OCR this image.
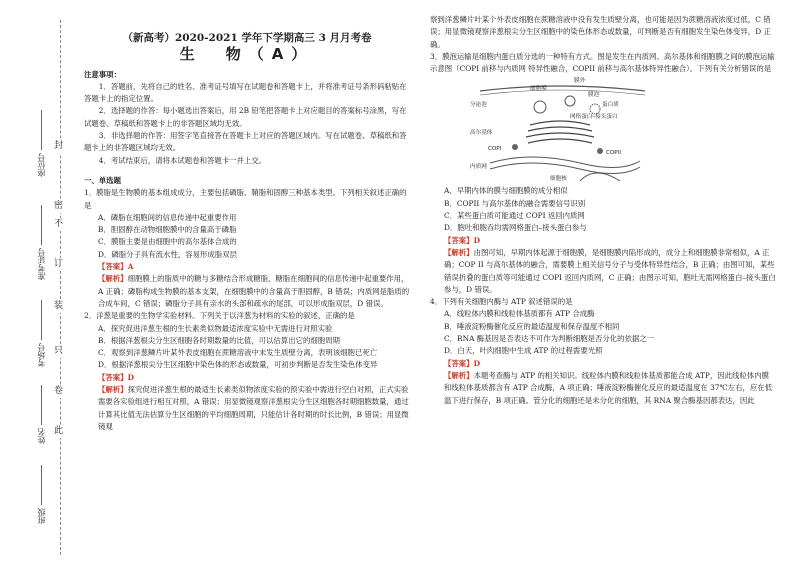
封
密
不
订
装
只
卷
此
座位号
准考证号
考场号
姓名
班级
（新高考）2020-2021 学年下学期高三 3 月月考卷
生　物（A）

注意事项：

1．答题前，先将自己的姓名、准考证号填写在试题卷和答题卡上，并将准考证号条形码粘贴在答题卡上的指定位置。

2．选择题的作答：每小题选出答案后，用 2B 铅笔把答题卡上对应题目的答案标号涂黑，写在试题卷、草稿纸和答题卡上的非答题区域均无效。

3．非选择题的作答：用签字笔直接答在答题卡上对应的答题区域内。写在试题卷、草稿纸和答题卡上的非答题区域均无效。

4．考试结束后，请将本试题卷和答题卡一并上交。

一、单选题

1．膜脂是生物膜的基本组成成分，主要包括磷脂、鞘脂和固醇三种基本类型。下列相关叙述正确的是

A．磷脂在细胞间的信息传递中起重要作用

B．胆固醇在动物细胞膜中的含量高于磷脂

C．膜脂主要是由细胞中的高尔基体合成的

D．磷脂分子具有流水性，容易形成脂双层

【答案】A

【解析】细胞膜上的脂质中的糖与多糖结合形成糖脂，糖脂在细胞间的信息传递中起重要作用，A 正确；磷脂构成生物膜的基本支架，在细胞膜中的含量高于胆固醇，B 错误；内质网是脂质的合成车间，C 错误；磷脂分子具有亲水的头部和疏水的尾部，可以形成脂双层，D 错误。

2．洋葱是重要的生物学实验材料。下列关于以洋葱为材料的实验的叙述，正确的是

A．探究促进洋葱生根的生长素类似物最适浓度实验中无需进行对照实验

B．根据洋葱根尖分生区细胞各时期数量的比值，可以估算出它的细胞周期

C．观察到洋葱鳞片叶某外表皮细胞在蔗糖溶液中未发生质壁分离，表明该细胞已死亡

D．根据洋葱根尖分生区细胞中染色体的形态或数量，可初步判断是否发生染色体变异

【答案】D

【解析】探究促进洋葱生根的最适生长素类似物浓度实验的预实验中需进行空白对照，正式实验需要各实验组进行相互对照，A 错误；用显微镜观察洋葱根尖分生区细胞各时期细胞数量，通过计算其比值无法估算分生区细胞的平均细胞周期，只能估计各时期的时长比例，B 错误；用显微镜观

察到洋葱鳞片叶某个外表皮细胞在蔗糖溶液中没有发生质壁分离，也可能是因为蔗糖溶液浓度过低，C 错误；用显微镜观察洋葱根尖分生区细胞中的染色体形态或数量，可判断是否有细胞发生染色体变异，D 正确。

3．膜泡运输是细胞内蛋白质分选的一种特有方式。图是发生在内质网、高尔基体和细胞膜之间的膜泡运输示意图（COPI 前移与内质网 特异性融合，COPII 前移与高尔基体特异性融合）。下列有关分析错误的是

膜外
膜泡
细胞膜
分泌泡	蛋白质
网格蛋白–接头蛋白
高尔基体
COPI
COPII
内质网
细胞核

A．早期内体的膜与细胞膜的成分相似

B．COPII 与高尔基体的融合需要信号识别

C．某些蛋白质可能通过 COPI 返回内质网

D．胞吐和胞吞均需网格蛋白–接头蛋白参与

【答案】D

【解析】由图可知，早期内体起源于细胞膜，是细胞膜内陷形成的，成分上和细胞膜非常相似，A 正确；COP II 与高尔基体的融合，需要膜上相关信号分子与受体特异性结合，B 正确；由图可知，某些错误折叠的蛋白质等可能通过 COPI 返回内质网，C 正确；由图示可知，胞吐无需网格蛋白–接头蛋白参与，D 错误。

4．下列有关细胞内酶与 ATP 叙述错误的是

A．线粒体内膜和线粒体基质都有 ATP 合成酶

B．唾液淀粉酶催化反应的最适温度和保存温度不相同

C．RNA 酶基因是否表达不可作为判断细胞是否分化的依据之一

D．白天，叶肉细胞中生成 ATP 的过程需要光照

【答案】D

【解析】本题考查酶与 ATP 的相关知识。线粒体内膜和线粒体基质都能合成 ATP，因此线粒体内膜和线粒体基质都含有 ATP 合成酶，A 项正确；唾液淀粉酶催化反应的最适温度在 37℃左右，应在低温下进行保存，B 项正确。管分化的细胞还是未分化的细胞，其 RNA 聚合酶基因都表达，因此
